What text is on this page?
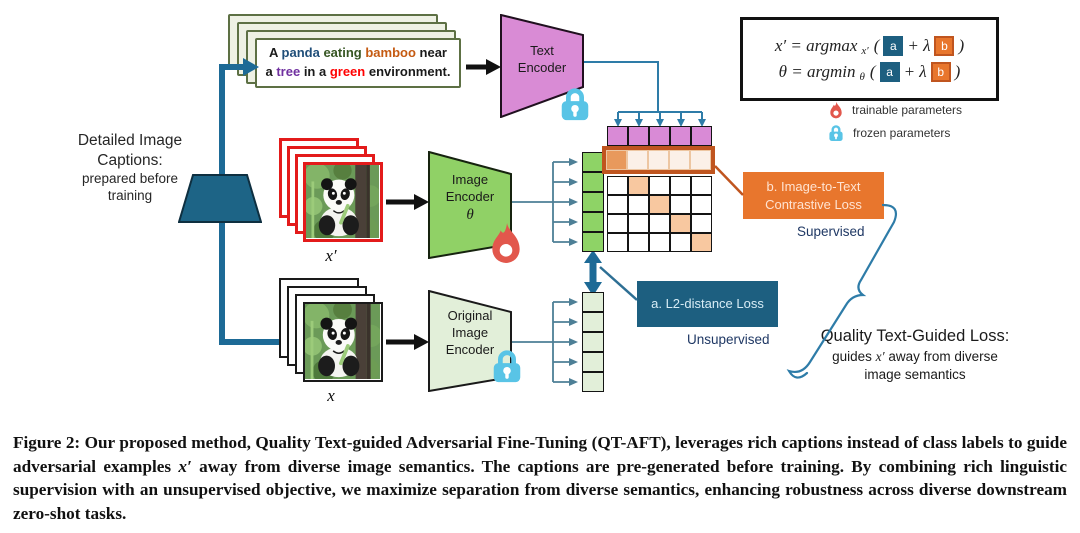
Detailed Image
Captions:
prepared before
training
A panda eating bamboo near a tree in a green environment.
Text
Encoder
Image
Encoder
θ
Original
Image
Encoder
x′
x
x′ = argmax x′ ( a + λ b )
θ = argmin θ ( a + λ b )
trainable parameters
frozen parameters
b. Image-to-Text Contrastive Loss
Supervised
a. L2-distance Loss
Unsupervised	Quality Text-Guided Loss:
guides x′ away from diverse
image semantics
Figure 2: Our proposed method, Quality Text-guided Adversarial Fine-Tuning (QT-AFT), leverages rich captions instead of class labels to guide adversarial examples x′ away from diverse image semantics. The captions are pre-generated before training. By combining rich linguistic supervision with an unsupervised objective, we maximize separation from diverse semantics, enhancing robustness across diverse downstream zero-shot tasks.
